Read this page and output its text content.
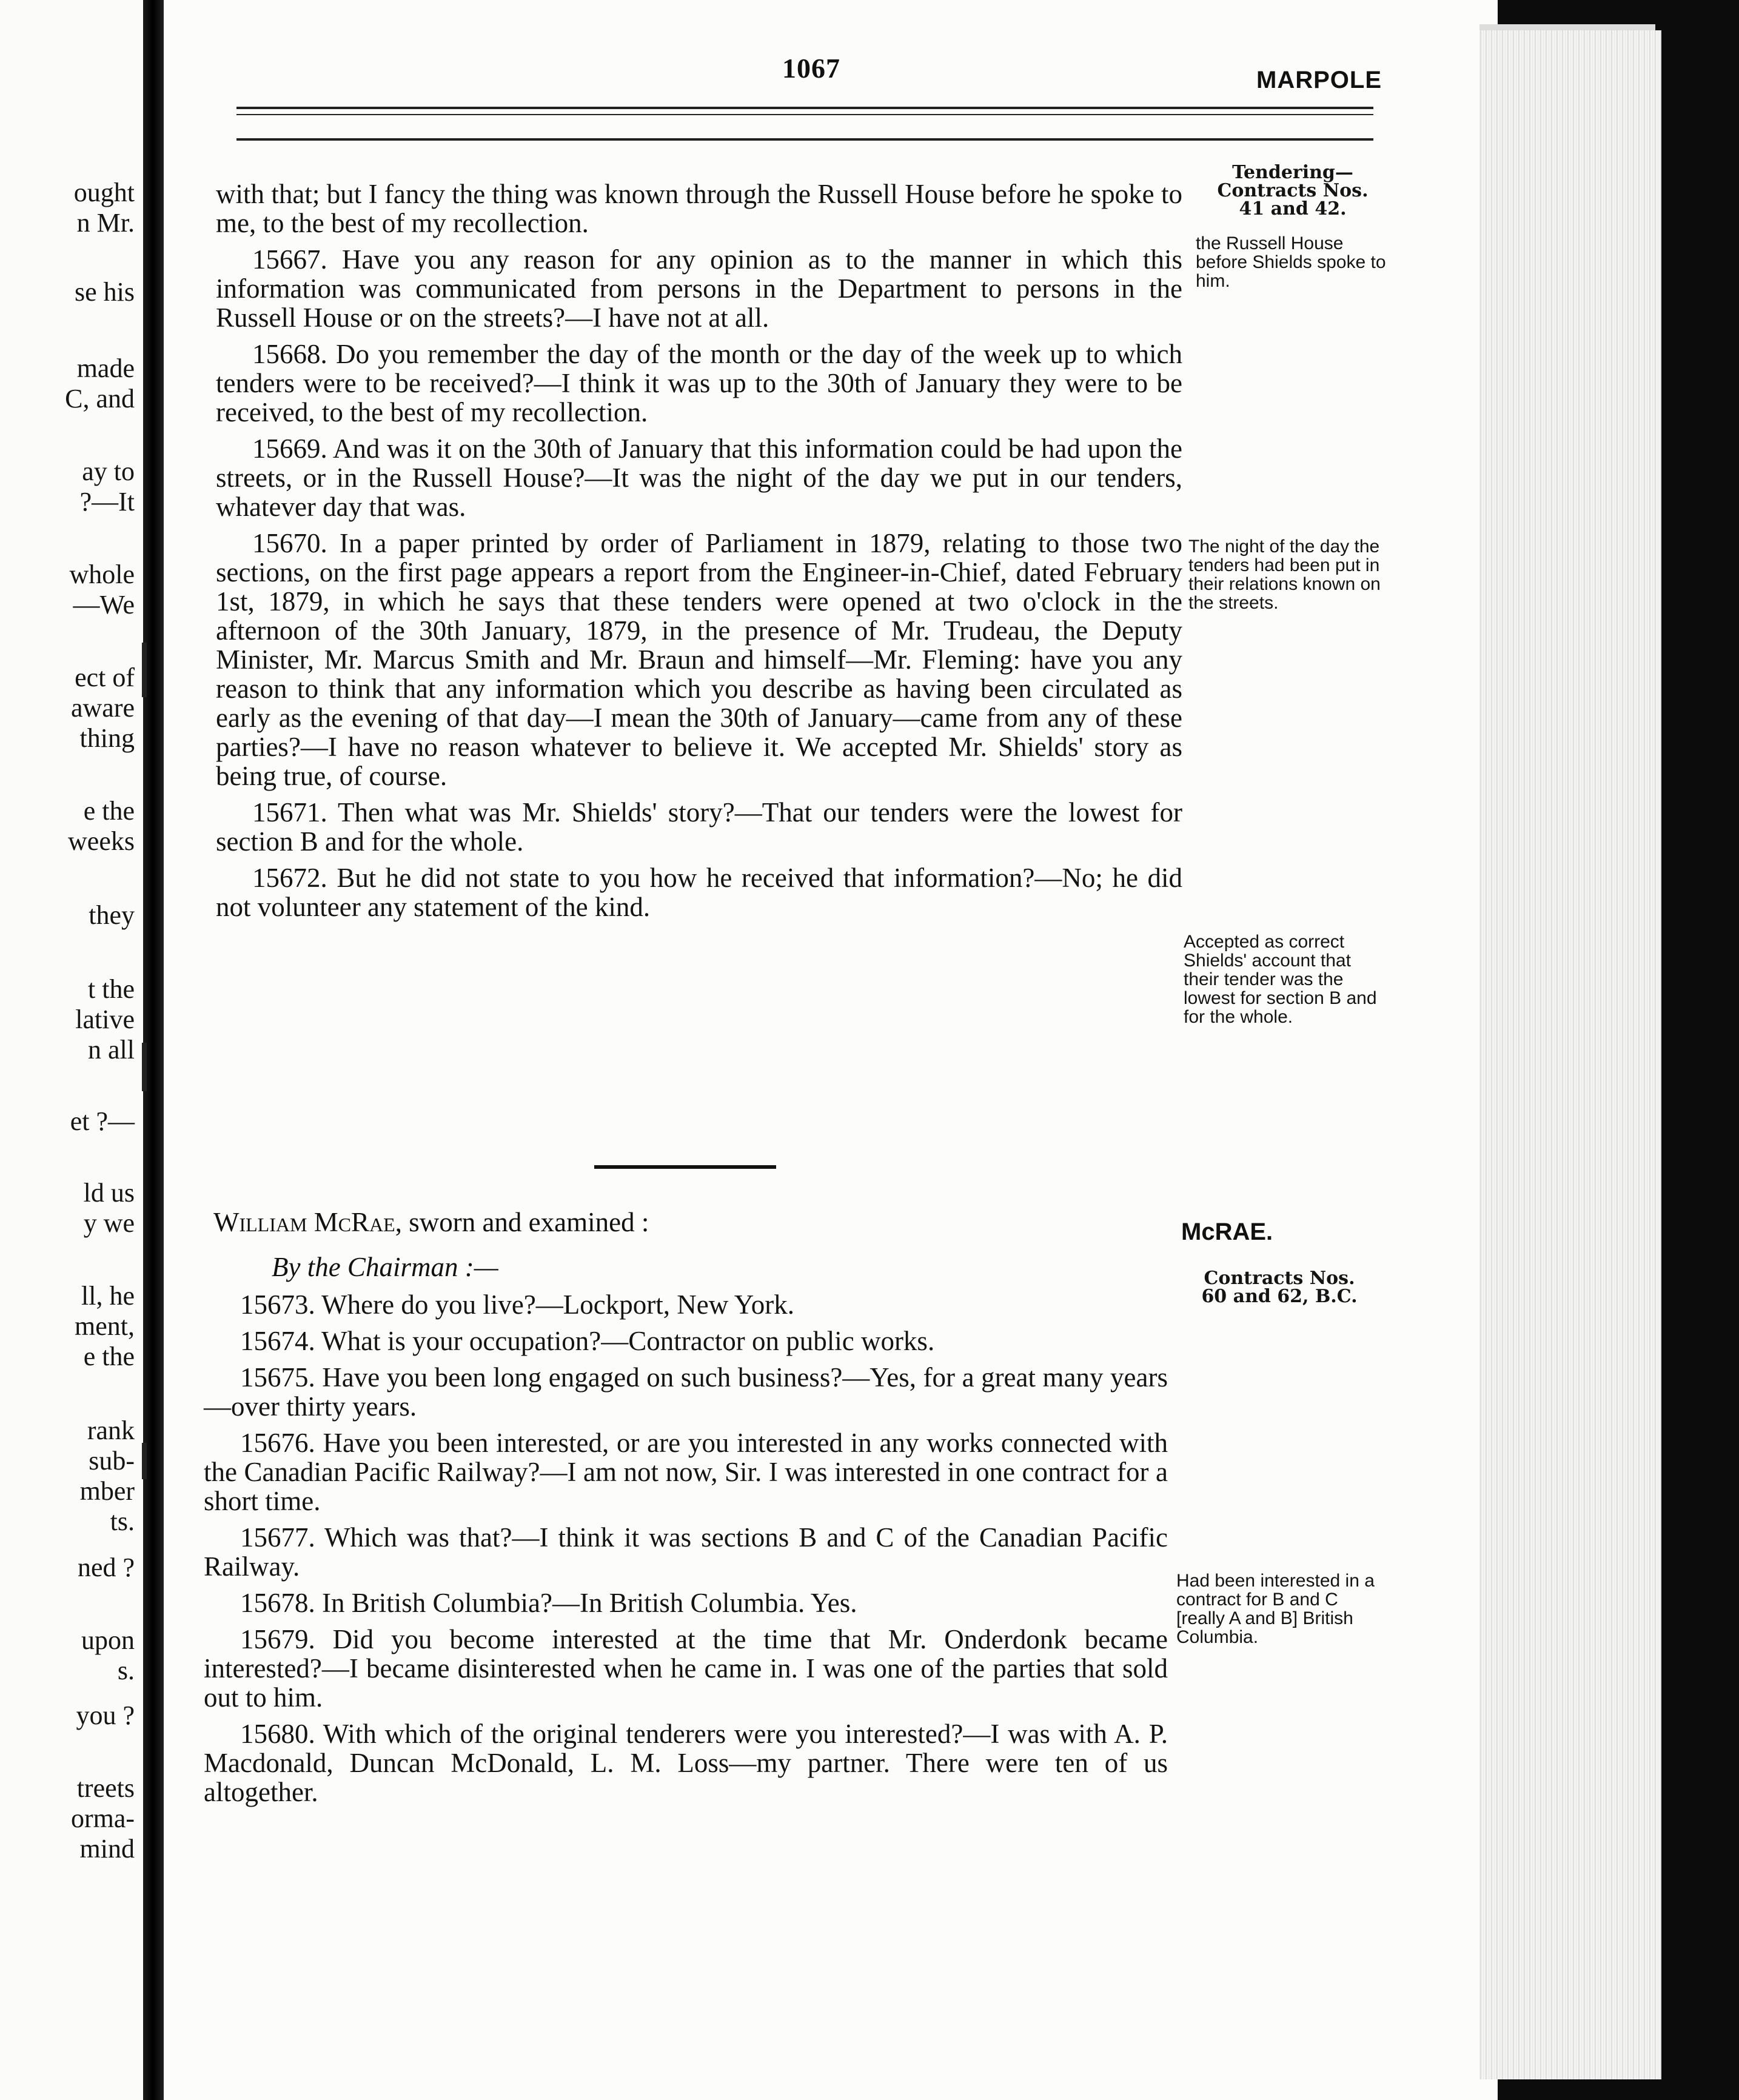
ought
n Mr.
se his
made
C, and
ay to
?—It
whole
—We
ect of
aware
thing
e the
weeks
they
t the
lative
n all
et ?—
ld us
y we
ll, he
ment,
e the
rank
sub-
mber
ts.
ned ?
upon
s.
you ?
treets
orma-
mind
1067	MARPOLE

with that; but I fancy the thing was known through the Russell House before he spoke to me, to the best of my recollection.

15667. Have you any reason for any opinion as to the manner in which this information was communicated from persons in the Department to persons in the Russell House or on the streets?—I have not at all.

15668. Do you remember the day of the month or the day of the week up to which tenders were to be received?—I think it was up to the 30th of January they were to be received, to the best of my recollection.

15669. And was it on the 30th of January that this information could be had upon the streets, or in the Russell House?—It was the night of the day we put in our tenders, whatever day that was.

15670. In a paper printed by order of Parliament in 1879, relating to those two sections, on the first page appears a report from the Engineer-in-Chief, dated February 1st, 1879, in which he says that these tenders were opened at two o'clock in the afternoon of the 30th January, 1879, in the presence of Mr. Trudeau, the Deputy Minister, Mr. Marcus Smith and Mr. Braun and himself—Mr. Fleming: have you any reason to think that any information which you describe as having been circulated as early as the evening of that day—I mean the 30th of January—came from any of these parties?—I have no reason whatever to believe it. We accepted Mr. Shields' story as being true, of course.

15671. Then what was Mr. Shields' story?—That our tenders were the lowest for section B and for the whole.

15672. But he did not state to you how he received that information?—No; he did not volunteer any statement of the kind.

Tendering—
Contracts Nos.
41 and 42.
the Russell House before Shields spoke to him.
The night of the day the tenders had been put in their relations known on the streets.
Accepted as correct Shields' account that their tender was the lowest for section B and for the whole.
William McRae, sworn and examined :
By the Chairman :—
McRAE.
Contracts Nos.
60 and 62, B.C.
Had been interested in a contract for B and C [really A and B] British Columbia.

15673. Where do you live?—Lockport, New York.

15674. What is your occupation?—Contractor on public works.

15675. Have you been long engaged on such business?—Yes, for a great many years—over thirty years.

15676. Have you been interested, or are you interested in any works connected with the Canadian Pacific Railway?—I am not now, Sir. I was interested in one contract for a short time.

15677. Which was that?—I think it was sections B and C of the Canadian Pacific Railway.

15678. In British Columbia?—In British Columbia. Yes.

15679. Did you become interested at the time that Mr. Onderdonk became interested?—I became disinterested when he came in. I was one of the parties that sold out to him.

15680. With which of the original tenderers were you interested?—I was with A. P. Macdonald, Duncan McDonald, L. M. Loss—my partner. There were ten of us altogether.
